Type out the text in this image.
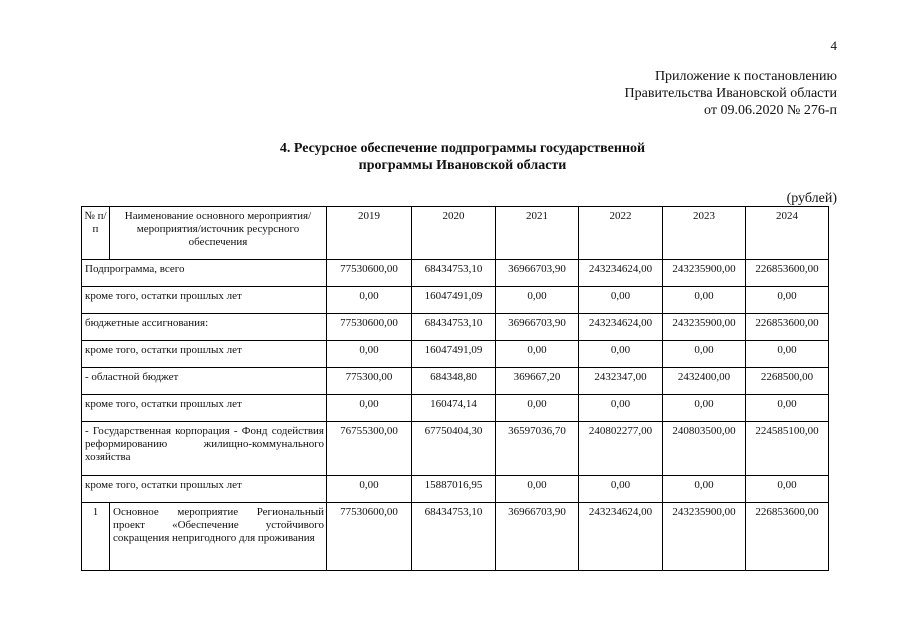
4
Приложение к постановлению
Правительства Ивановской области
от 09.06.2020 № 276-п
4. Ресурсное обеспечение подпрограммы государственной
программы Ивановской области
(рублей)
№ п/п	Наименование основного мероприятия/мероприятия/источник ресурсного обеспечения	2019	2020	2021	2022	2023	2024
Подпрограмма, всего		77530600,00	68434753,10	36966703,90	243234624,00	243235900,00	226853600,00
кроме того, остатки прошлых лет		0,00	16047491,09	0,00	0,00	0,00	0,00
бюджетные ассигнования:		77530600,00	68434753,10	36966703,90	243234624,00	243235900,00	226853600,00
кроме того, остатки прошлых лет		0,00	16047491,09	0,00	0,00	0,00	0,00
- областной бюджет		775300,00	684348,80	369667,20	2432347,00	2432400,00	2268500,00
кроме того, остатки прошлых лет		0,00	160474,14	0,00	0,00	0,00	0,00
- Государственная корпорация - Фонд содействия реформированию жилищно-коммунального хозяйства		76755300,00	67750404,30	36597036,70	240802277,00	240803500,00	224585100,00
кроме того, остатки прошлых лет		0,00	15887016,95	0,00	0,00	0,00	0,00
1	Основное мероприятие Региональный проект «Обеспечение устойчивого сокращения непригодного для проживания	77530600,00	68434753,10	36966703,90	243234624,00	243235900,00	226853600,00
